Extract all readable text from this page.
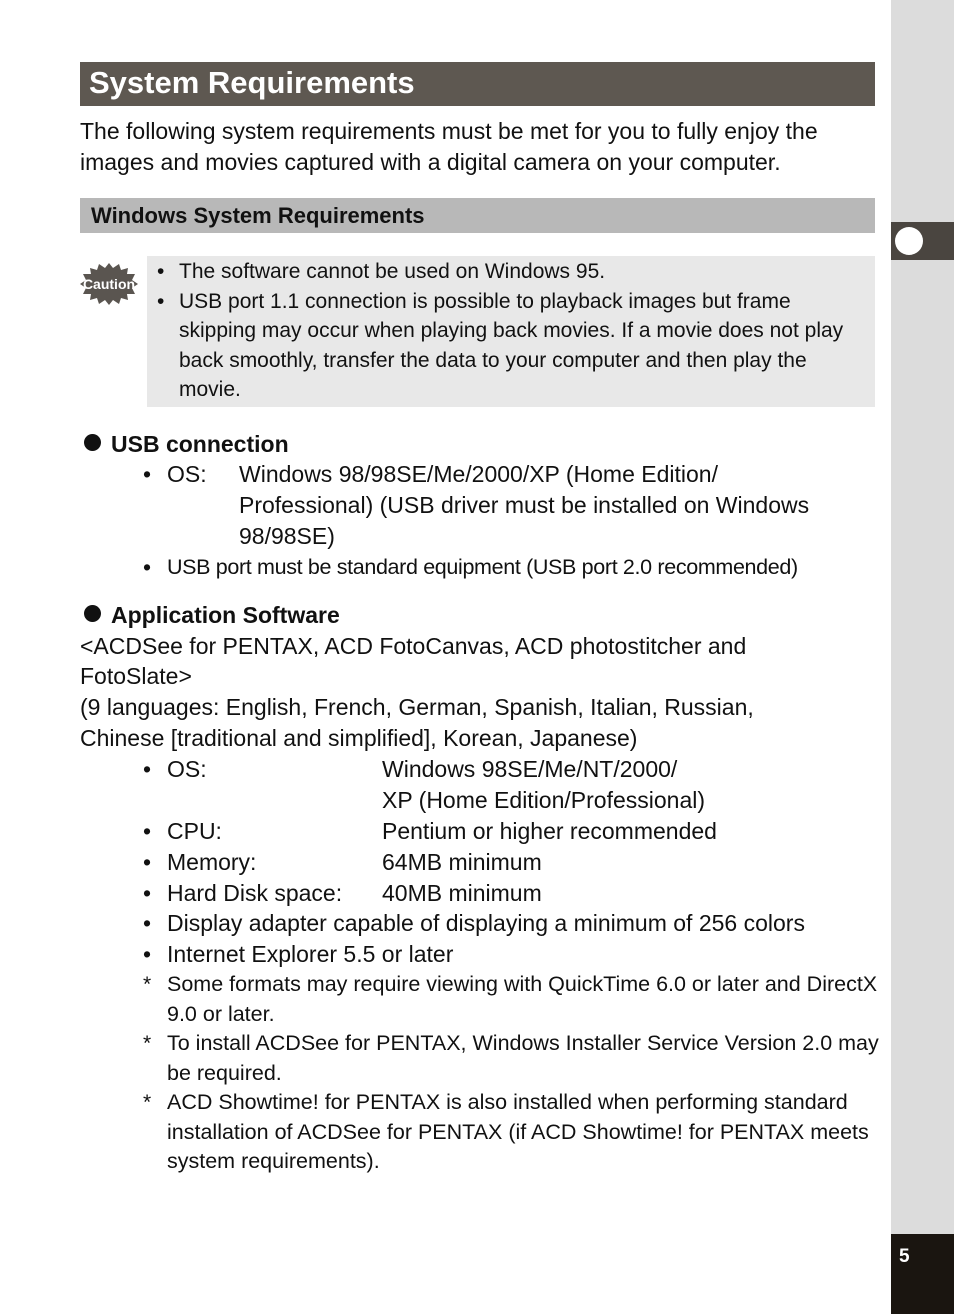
5
System Requirements

The following system requirements must be met for you to fully enjoy the images and movies captured with a digital camera on your computer.

Windows System Requirements
Caution
• The software cannot be used on Windows 95.
• USB port 1.1 connection is possible to playback images but frame skipping may occur when playing back movies. If a movie does not play back smoothly, transfer the data to your computer and then play the movie.
USB connection
• OS: Windows 98/98SE/Me/2000/XP (Home Edition/
Professional) (USB driver must be installed on Windows
98/98SE)
• USB port must be standard equipment (USB port 2.0 recommended)
Application Software
<ACDSee for PENTAX, ACD FotoCanvas, ACD photostitcher and
FotoSlate>
(9 languages: English, French, German, Spanish, Italian, Russian,
Chinese [traditional and simplified], Korean, Japanese)
• OS:	Windows 98SE/Me/NT/2000/
XP (Home Edition/Professional)
• CPU:	Pentium or higher recommended
• Memory:	64MB minimum
• Hard Disk space: 40MB minimum
• Display adapter capable of displaying a minimum of 256 colors
• Internet Explorer 5.5 or later
* Some formats may require viewing with QuickTime 6.0 or later and DirectX 9.0 or later.
* To install ACDSee for PENTAX, Windows Installer Service Version 2.0 may be required.
* ACD Showtime! for PENTAX is also installed when performing standard installation of ACDSee for PENTAX (if ACD Showtime! for PENTAX meets system requirements).
